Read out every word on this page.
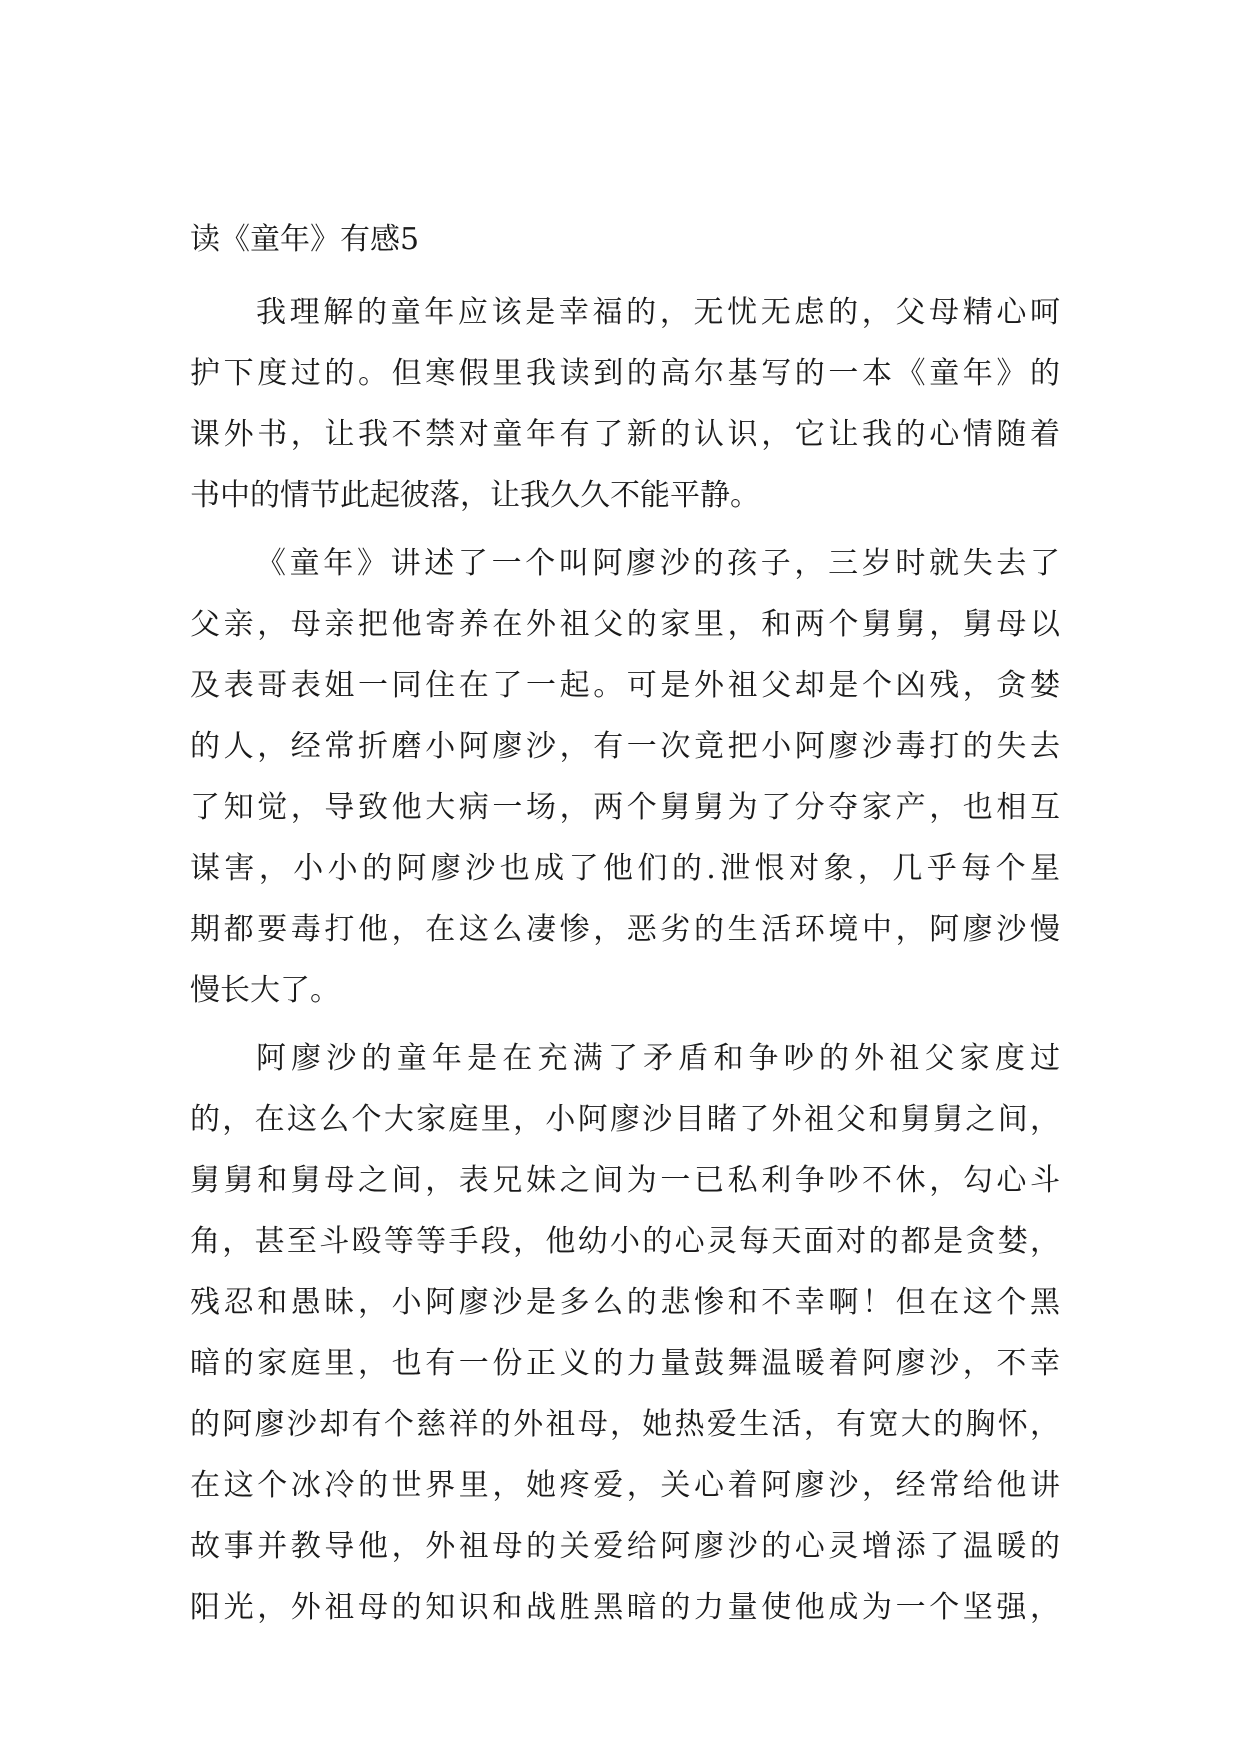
读《童年》有感5
我理解的童年应该是幸福的，无忧无虑的，父母精心呵
护下度过的。但寒假里我读到的高尔基写的一本《童年》的
课外书，让我不禁对童年有了新的认识，它让我的心情随着
书中的情节此起彼落，让我久久不能平静。
《童年》讲述了一个叫阿廖沙的孩子，三岁时就失去了
父亲，母亲把他寄养在外祖父的家里，和两个舅舅，舅母以
及表哥表姐一同住在了一起。可是外祖父却是个凶残，贪婪
的人，经常折磨小阿廖沙，有一次竟把小阿廖沙毒打的失去
了知觉，导致他大病一场，两个舅舅为了分夺家产，也相互
谋害，小小的阿廖沙也成了他们的.泄恨对象，几乎每个星
期都要毒打他，在这么凄惨，恶劣的生活环境中，阿廖沙慢
慢长大了。
阿廖沙的童年是在充满了矛盾和争吵的外祖父家度过
的，在这么个大家庭里，小阿廖沙目睹了外祖父和舅舅之间，
舅舅和舅母之间，表兄妹之间为一已私利争吵不休，勾心斗
角，甚至斗殴等等手段，他幼小的心灵每天面对的都是贪婪，
残忍和愚昧，小阿廖沙是多么的悲惨和不幸啊！但在这个黑
暗的家庭里，也有一份正义的力量鼓舞温暖着阿廖沙，不幸
的阿廖沙却有个慈祥的外祖母，她热爱生活，有宽大的胸怀，
在这个冰冷的世界里，她疼爱，关心着阿廖沙，经常给他讲
故事并教导他，外祖母的关爱给阿廖沙的心灵增添了温暖的
阳光，外祖母的知识和战胜黑暗的力量使他成为一个坚强，
